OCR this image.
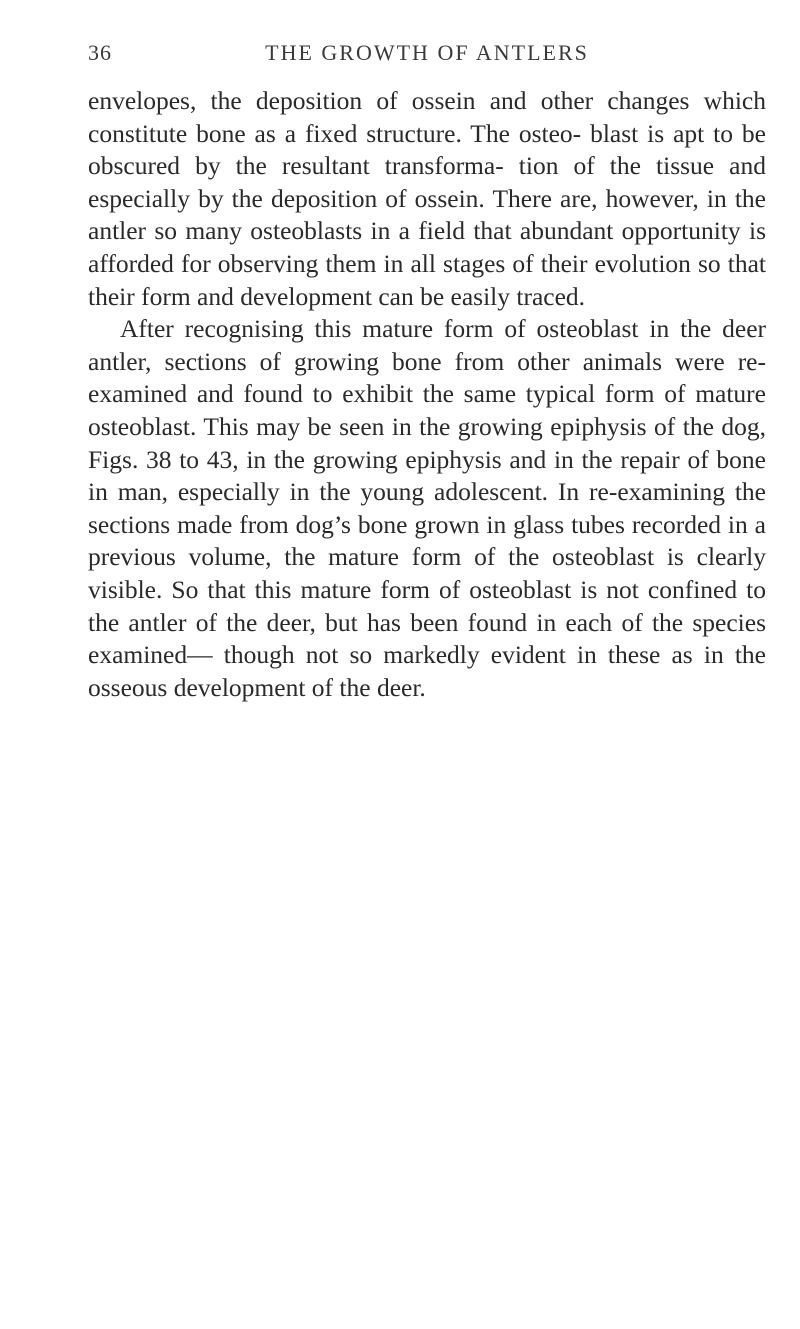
36	THE GROWTH OF ANTLERS

envelopes, the deposition of ossein and other changes which constitute bone as a fixed structure. The osteo- blast is apt to be obscured by the resultant transforma- tion of the tissue and especially by the deposition of ossein. There are, however, in the antler so many osteoblasts in a field that abundant opportunity is afforded for observing them in all stages of their evolution so that their form and development can be easily traced.

After recognising this mature form of osteoblast in the deer antler, sections of growing bone from other animals were re-examined and found to exhibit the same typical form of mature osteoblast. This may be seen in the growing epiphysis of the dog, Figs. 38 to 43, in the growing epiphysis and in the repair of bone in man, especially in the young adolescent. In re-examining the sections made from dog’s bone grown in glass tubes recorded in a previous volume, the mature form of the osteoblast is clearly visible. So that this mature form of osteoblast is not confined to the antler of the deer, but has been found in each of the species examined— though not so markedly evident in these as in the osseous development of the deer.
